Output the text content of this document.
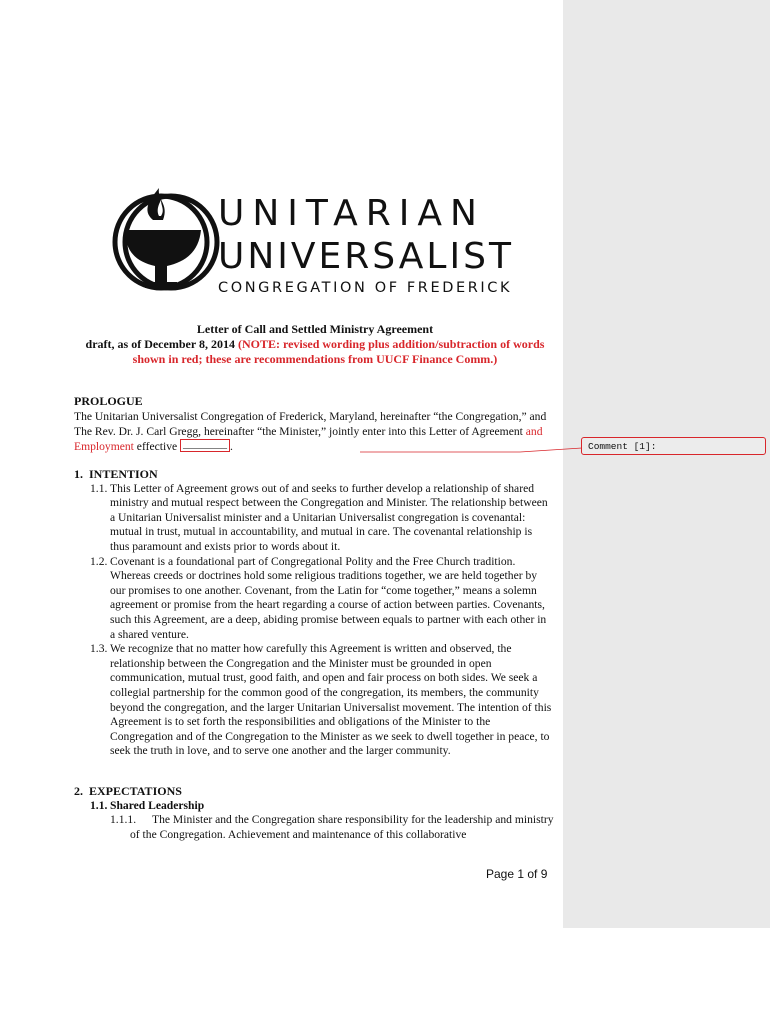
UNITARIAN
UNIVERSALIST
CONGREGATION OF FREDERICK
Letter of Call and Settled Ministry Agreement
draft, as of December 8, 2014 (NOTE: revised wording plus addition/subtraction of words
shown in red; these are recommendations from UUCF Finance Comm.)
PROLOGUE

The Unitarian Universalist Congregation of Frederick, Maryland, hereinafter “the Congregation,” and The Rev. Dr. J. Carl Gregg, hereinafter “the Minister,” jointly enter into this Letter of Agreement and Employment effective ________ .	Comment [1]:
1.  INTENTION
1.1. This Letter of Agreement grows out of and seeks to further develop a relationship of shared ministry and mutual respect between the Congregation and Minister. The relationship between a Unitarian Universalist minister and a Unitarian Universalist congregation is covenantal: mutual in trust, mutual in accountability, and mutual in care. The covenantal relationship is thus paramount and exists prior to words about it.
1.2. Covenant is a foundational part of Congregational Polity and the Free Church tradition. Whereas creeds or doctrines hold some religious traditions together, we are held together by our promises to one another. Covenant, from the Latin for “come together,” means a solemn agreement or promise from the heart regarding a course of action between parties. Covenants, such this Agreement, are a deep, abiding promise between equals to partner with each other in a shared venture.
1.3. We recognize that no matter how carefully this Agreement is written and observed, the relationship between the Congregation and the Minister must be grounded in open communication, mutual trust, good faith, and open and fair process on both sides. We seek a collegial partnership for the common good of the congregation, its members, the community beyond the congregation, and the larger Unitarian Universalist movement. The intention of this Agreement is to set forth the responsibilities and obligations of the Minister to the Congregation and of the Congregation to the Minister as we seek to dwell together in peace, to seek the truth in love, and to serve one another and the larger community.
2.  EXPECTATIONS
1.1. Shared Leadership
1.1.1.	The Minister and the Congregation share responsibility for the leadership and ministry of the Congregation. Achievement and maintenance of this collaborative
Page 1 of 9
